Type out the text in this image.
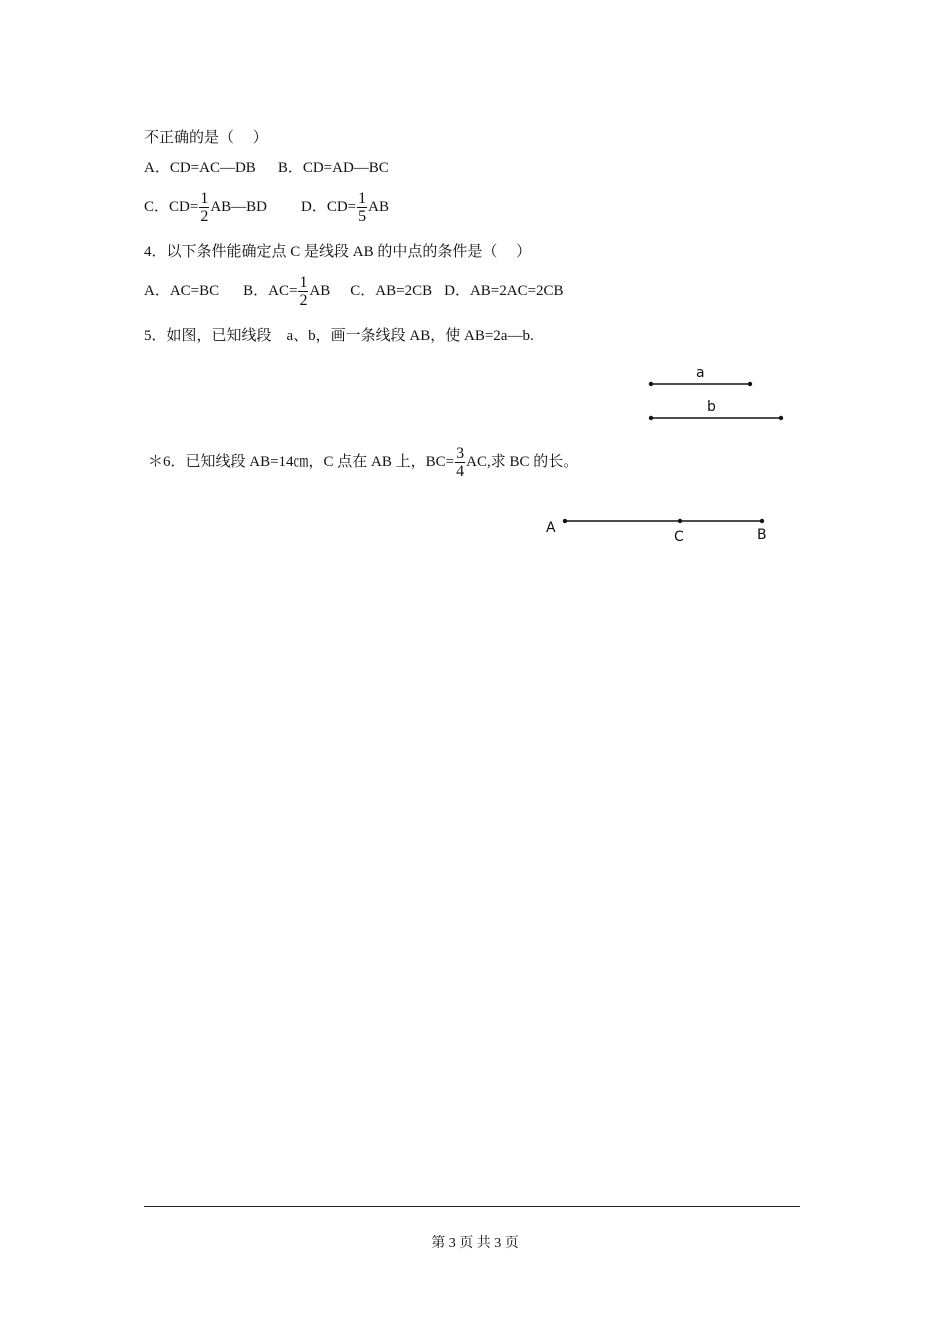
不正确的是（　 ）
A．CD=AC—DB B．CD=AD—BC
C．$CD= \frac{1}{2}$ AB—BD D．$CD= \frac{1}{5}$ AB
4．以下条件能确定点 C 是线段 AB 的中点的条件是（　 ）
A．AC=BC B．$AC= \frac{1}{2}$ AB C．AB=2CB D．AB=2AC=2CB
5．如图，已知线段　a、b，画一条线段 AB，使 AB=2a—b.
a
b
＊6．已知线段 AB=14㎝，C 点在 AB 上，$BC= \frac{3}{4}$ AC,求 BC 的长。
A
C	B
第 3 页 共 3 页
